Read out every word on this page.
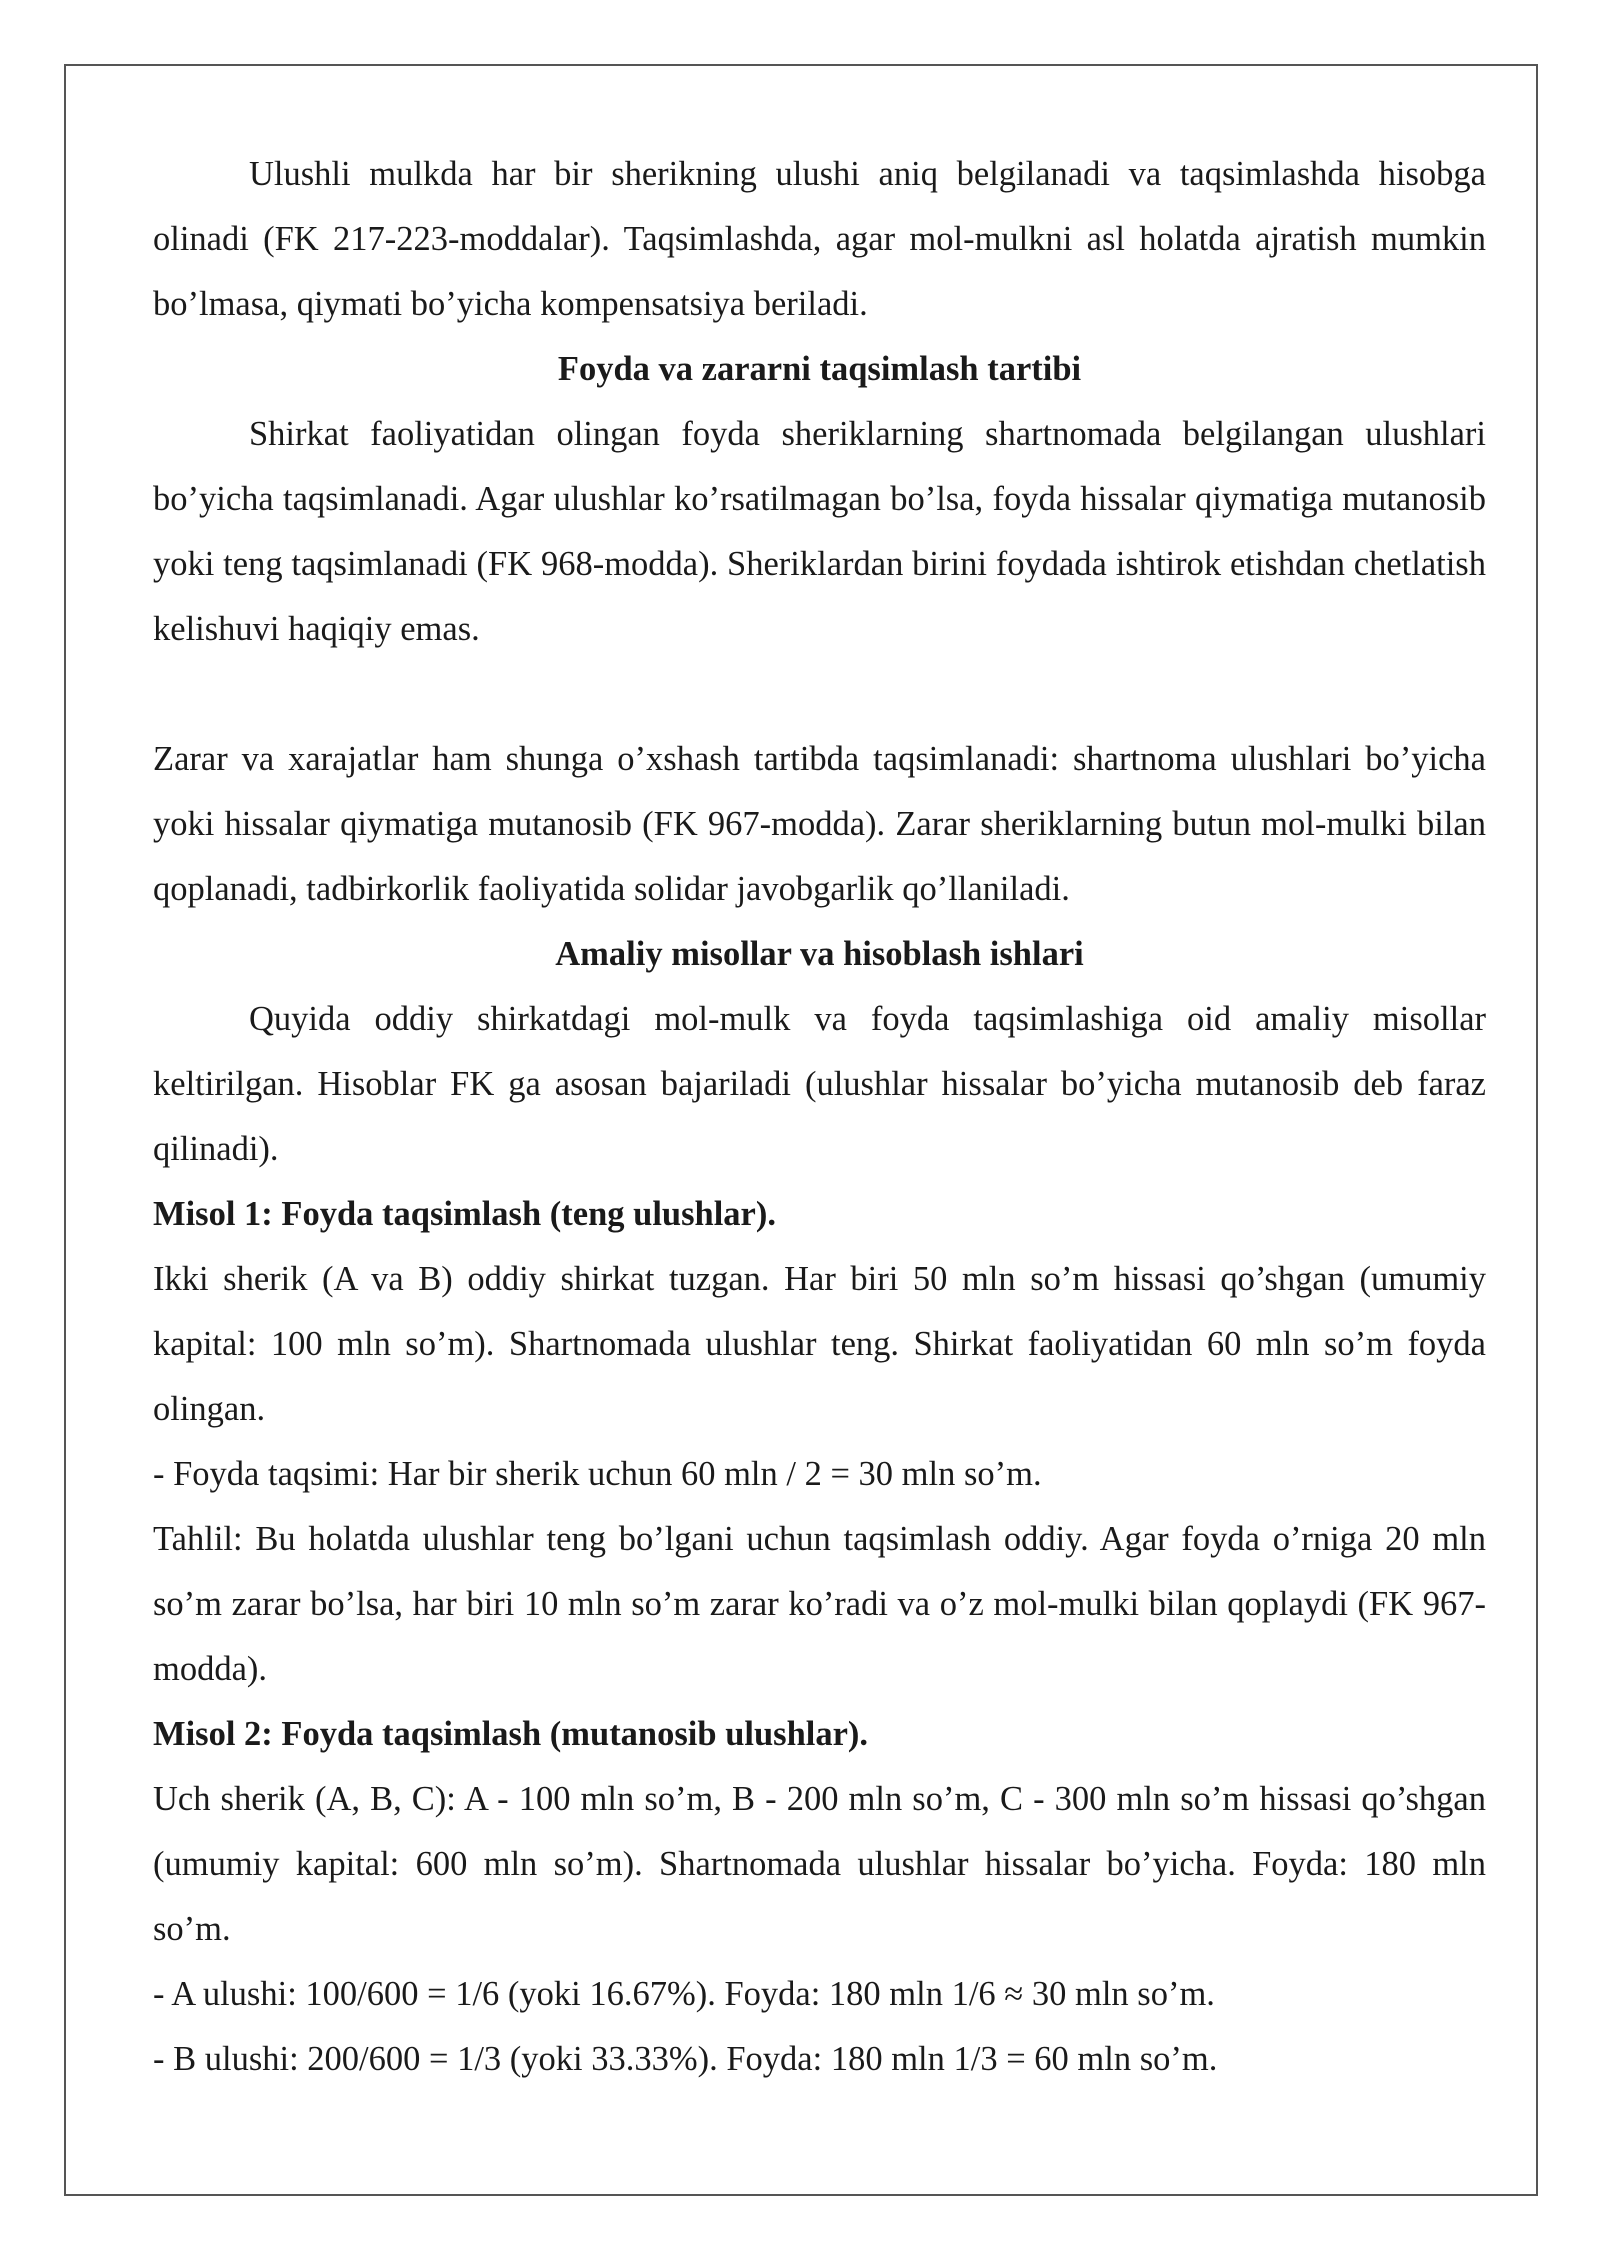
Ulushli mulkda har bir sherikning ulushi aniq belgilanadi va taqsimlashda hisobga olinadi (FK 217-223-moddalar). Taqsimlashda, agar mol-mulkni asl holatda ajratish mumkin bo’lmasa, qiymati bo’yicha kompensatsiya beriladi.

Foyda va zararni taqsimlash tartibi

Shirkat faoliyatidan olingan foyda sheriklarning shartnomada belgilangan ulushlari bo’yicha taqsimlanadi. Agar ulushlar ko’rsatilmagan bo’lsa, foyda hissalar qiymatiga mutanosib yoki teng taqsimlanadi (FK 968-modda). Sheriklardan birini foydada ishtirok etishdan chetlatish kelishuvi haqiqiy emas.

Zarar va xarajatlar ham shunga o’xshash tartibda taqsimlanadi: shartnoma ulushlari bo’yicha yoki hissalar qiymatiga mutanosib (FK 967-modda). Zarar sheriklarning butun mol-mulki bilan qoplanadi, tadbirkorlik faoliyatida solidar javobgarlik qo’llaniladi.

Amaliy misollar va hisoblash ishlari

Quyida oddiy shirkatdagi mol-mulk va foyda taqsimlashiga oid amaliy misollar keltirilgan. Hisoblar FK ga asosan bajariladi (ulushlar hissalar bo’yicha mutanosib deb faraz qilinadi).

Misol 1: Foyda taqsimlash (teng ulushlar).

Ikki sherik (A va B) oddiy shirkat tuzgan. Har biri 50 mln so’m hissasi qo’shgan (umumiy kapital: 100 mln so’m). Shartnomada ulushlar teng. Shirkat faoliyatidan 60 mln so’m foyda olingan.

- Foyda taqsimi: Har bir sherik uchun 60 mln / 2 = 30 mln so’m.

Tahlil: Bu holatda ulushlar teng bo’lgani uchun taqsimlash oddiy. Agar foyda o’rniga 20 mln so’m zarar bo’lsa, har biri 10 mln so’m zarar ko’radi va o’z mol-mulki bilan qoplaydi (FK 967-modda).

Misol 2: Foyda taqsimlash (mutanosib ulushlar).

Uch sherik (A, B, C): A - 100 mln so’m, B - 200 mln so’m, C - 300 mln so’m hissasi qo’shgan (umumiy kapital: 600 mln so’m). Shartnomada ulushlar hissalar bo’yicha. Foyda: 180 mln so’m.

- A ulushi: 100/600 = 1/6 (yoki 16.67%). Foyda: 180 mln 1/6 ≈ 30 mln so’m.

- B ulushi: 200/600 = 1/3 (yoki 33.33%). Foyda: 180 mln 1/3 = 60 mln so’m.
